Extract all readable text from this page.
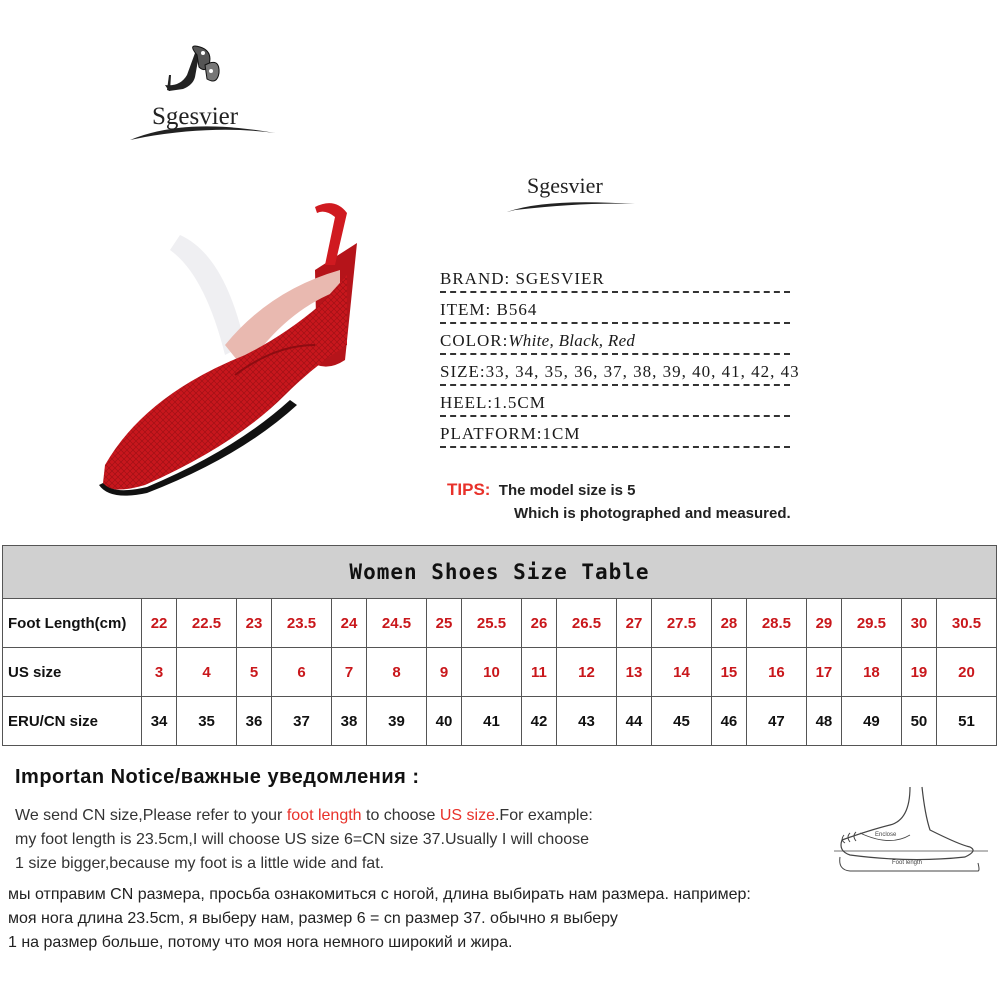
Sgesvier
Sgesvier
BRAND: SGESVIER
ITEM: B564
COLOR:White, Black, Red
SIZE:33, 34, 35, 36, 37, 38, 39, 40, 41, 42, 43
HEEL:1.5CM
PLATFORM:1CM
TIPS: The model size is 5
Which is photographed and measured.
Women Shoes Size Table																		
Foot Length(cm)	22	22.5	23	23.5	24	24.5	25	25.5	26	26.5	27	27.5	28	28.5	29	29.5	30	30.5
US size	3	4	5	6	7	8	9	10	11	12	13	14	15	16	17	18	19	20
ERU/CN size	34	35	36	37	38	39	40	41	42	43	44	45	46	47	48	49	50	51
Importan Notice/важные уведомления :
We send CN size,Please refer to your foot length to choose US size.For example:
my foot length is 23.5cm,I will choose US size 6=CN size 37.Usually I will choose
1 size bigger,because my foot is a little wide and fat.
мы отправим CN размера, просьба ознакомиться с ногой, длина выбирать нам размера. например:
моя нога длина 23.5cm, я выберу нам, размер 6 = cn размер 37. обычно я выберу
1 на размер больше, потому что моя нога немного широкий и жира.
Enclose
Foot length
